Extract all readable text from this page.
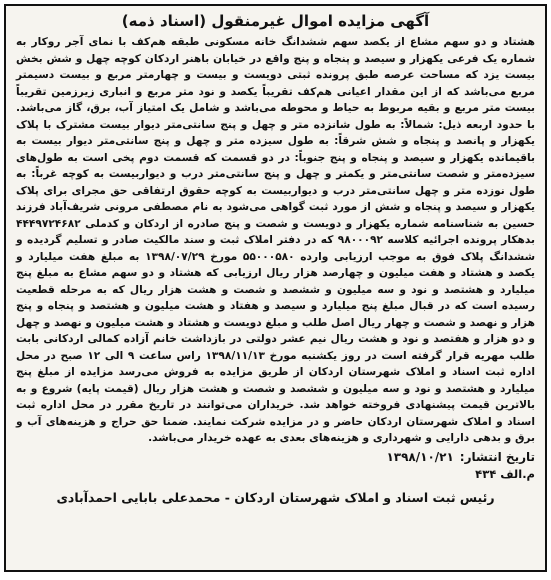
آگهی مزایده اموال غیرمنقول (اسناد ذمه)

هشتاد و دو سهم مشاع از یکصد سهم ششدانگ خانه مسکونی طبقه هم‌کف با نمای آجر روکار به شماره یک فرعی یکهزار و سیصد و پنجاه و پنج واقع در خیابان باهنر اردکان کوچه چهل و شش بخش بیست یزد که مساحت عرصه طبق پرونده ثبتی دویست و بیست و چهارمتر مربع و بیست دسیمتر مربع می‌باشد که از این مقدار اعیانی هم‌کف تقریباً یکصد و نود متر مربع و انباری زیرزمین تقریباً بیست متر مربع و بقیه مربوط به حیاط و محوطه می‌باشد و شامل یک امتیاز آب، برق، گاز می‌باشد. با حدود اربعه ذیل: شمالاً: به طول شانزده متر و چهل و پنج سانتی‌متر دیوار بیست مشترک با پلاک یکهزار و پانصد و پنجاه و شش شرقاً: به طول سیزده متر و چهل و پنج سانتی‌متر دیوار بیست به باقیمانده یکهزار و سیصد و پنجاه و پنج جنوباً: در دو قسمت که قسمت دوم پخی است به طول‌های سیزده‌متر و شصت سانتی‌متر و یکمتر و چهل و پنج سانتی‌متر درب و دیواربیست به کوچه غرباً: به طول نوزده متر و چهل سانتی‌متر درب و دیواربیست به کوچه حقوق ارتفاقی حق مجرای برای پلاک یکهزار و سیصد و پنجاه و شش از مورد ثبت گواهی می‌شود به نام مصطفی مرونی شریف‌آباد فرزند حسین به شناسنامه شماره یکهزار و دویست و شصت و پنج صادره از اردکان و کدملی ۴۴۴۹۷۲۴۶۸۲ بدهکار پرونده اجرائیه کلاسه ۹۸۰۰۰۹۲ که در دفتر املاک ثبت و سند مالکیت صادر و تسلیم گردیده و ششدانگ پلاک فوق به موجب ارزیابی وارده ۵۵۰۰۰۵۸۰ مورخ ۱۳۹۸/۰۷/۲۹ به مبلغ هفت میلیارد و یکصد و هشتاد و هفت میلیون و چهارصد هزار ریال ارزیابی که هشتاد و دو سهم مشاع به مبلغ پنج میلیارد و هشتصد و نود و سه میلیون و ششصد و شصت و هشت هزار ریال که به مرحله قطعیت رسیده است که در قبال مبلغ پنج میلیارد و سیصد و هفتاد و هشت میلیون و هشتصد و پنجاه و پنج هزار و نهصد و شصت و چهار ریال اصل طلب و مبلغ دویست و هشتاد و هشت میلیون و نهصد و چهل و دو هزار و هفتصد و نود و هشت ریال نیم عشر دولتی در بازداشت خانم آزاده کمالی اردکانی بابت طلب مهریه قرار گرفته است در روز یکشنبه مورخ ۱۳۹۸/۱۱/۱۳ راس ساعت ۹ الی ۱۲ صبح در محل اداره ثبت اسناد و املاک شهرستان اردکان از طریق مزایده به فروش می‌رسد مزایده از مبلغ پنج میلیارد و هشتصد و نود و سه میلیون و ششصد و شصت و هشت هزار ریال (قیمت پایه) شروع و به بالاترین قیمت پیشنهادی فروخته خواهد شد. خریداران می‌توانند در تاریخ مقرر در محل اداره ثبت اسناد و املاک شهرستان اردکان حاضر و در مزایده شرکت نمایند. ضمنا حق حراج و هزینه‌های آب و برق و بدهی دارایی و شهرداری و هزینه‌های بعدی به عهده خریدار می‌باشد.

تاریخ انتشار:
۱۳۹۸/۱۰/۲۱
م.الف
۴۳۴
رئیس ثبت اسناد و املاک شهرستان اردکان - محمدعلی بابایی احمدآبادی
